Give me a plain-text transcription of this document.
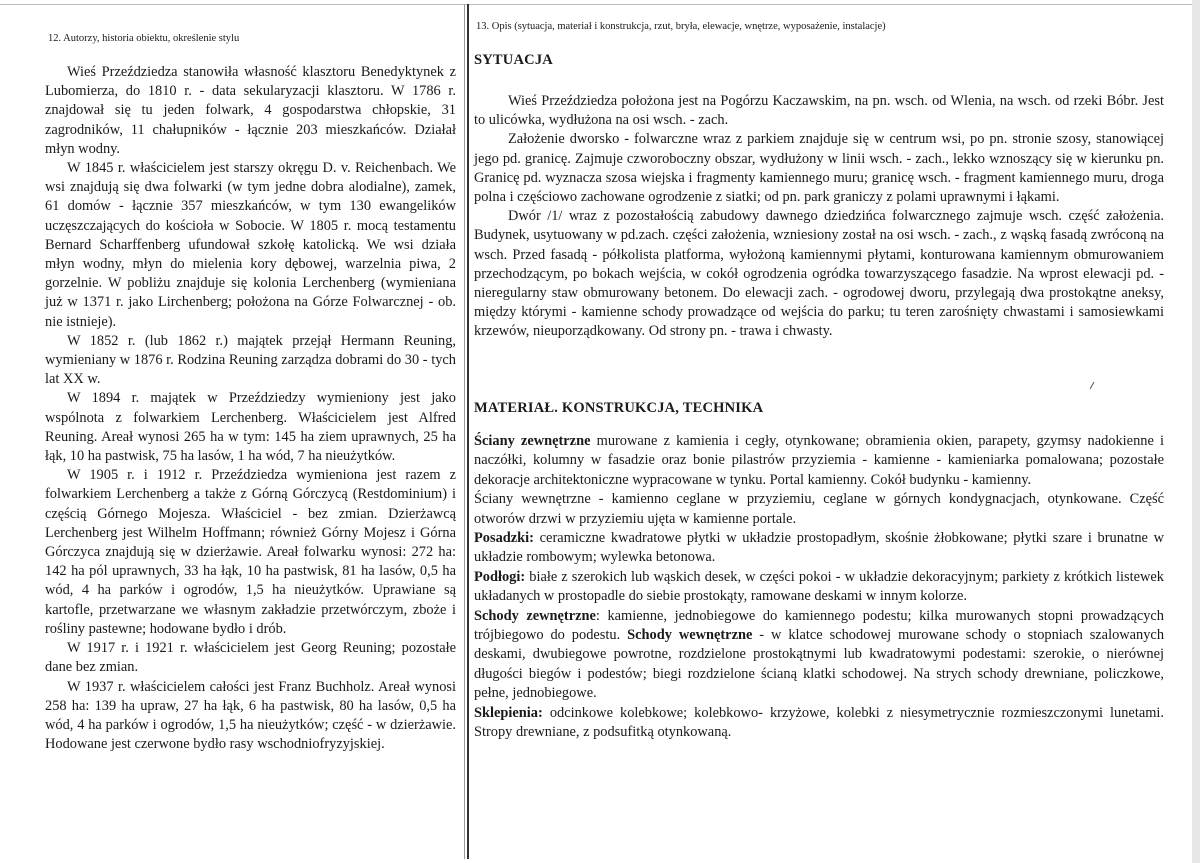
12. Autorzy, historia obiektu, określenie stylu

Wieś Przeździedza stanowiła własność klasztoru Benedyktynek z Lubomierza, do 1810 r. - data sekularyzacji klasztoru. W 1786 r. znajdował się tu jeden folwark, 4 gospodarstwa chłopskie, 31 zagrodników, 11 chałupników - łącznie 203 mieszkańców. Działał młyn wodny.

W 1845 r. właścicielem jest starszy okręgu D. v. Reichenbach. We wsi znajdują się dwa folwarki (w tym jedne dobra alodialne), zamek, 61 domów - łącznie 357 mieszkańców, w tym 130 ewangelików uczęszczających do kościoła w Sobocie. W 1805 r. mocą testamentu Bernard Scharffenberg ufundował szkołę katolicką. We wsi działa młyn wodny, młyn do mielenia kory dębowej, warzelnia piwa, 2 gorzelnie. W pobliżu znajduje się kolonia Lerchenberg (wymieniana już w 1371 r. jako Lirchenberg; położona na Górze Folwarcznej - ob. nie istnieje).

W 1852 r. (lub 1862 r.) majątek przejął Hermann Reuning, wymieniany w 1876 r. Rodzina Reuning zarządza dobrami do 30 - tych lat XX w.

W 1894 r. majątek w Przeździedzy wymieniony jest jako wspólnota z folwarkiem Lerchenberg. Właścicielem jest Alfred Reuning. Areał wynosi 265 ha w tym: 145 ha ziem uprawnych, 25 ha łąk, 10 ha pastwisk, 75 ha lasów, 1 ha wód, 7 ha nieużytków.

W 1905 r. i 1912 r. Przeździedza wymieniona jest razem z folwarkiem Lerchenberg a także z Górną Górczycą (Restdominium) i częścią Górnego Mojesza. Właściciel - bez zmian. Dzierżawcą Lerchenberg jest Wilhelm Hoffmann; również Górny Mojesz i Górna Górczyca znajdują się w dzierżawie. Areał folwarku wynosi: 272 ha: 142 ha pól uprawnych, 33 ha łąk, 10 ha pastwisk, 81 ha lasów, 0,5 ha wód, 4 ha parków i ogrodów, 1,5 ha nieużytków. Uprawiane są kartofle, przetwarzane we własnym zakładzie przetwórczym, zboże i rośliny pastewne; hodowane bydło i drób.

W 1917 r. i 1921 r. właścicielem jest Georg Reuning; pozostałe dane bez zmian.

W 1937 r. właścicielem całości jest Franz Buchholz. Areał wynosi 258 ha: 139 ha upraw, 27 ha łąk, 6 ha pastwisk, 80 ha lasów, 0,5 ha wód, 4 ha parków i ogrodów, 1,5 ha nieużytków; część - w dzierżawie. Hodowane jest czerwone bydło rasy wschodniofryzyjskiej.

13. Opis (sytuacja, materiał i konstrukcja, rzut, bryła, elewacje, wnętrze, wyposażenie, instalacje)
SYTUACJA

Wieś Przeździedza położona jest na Pogórzu Kaczawskim, na pn. wsch. od Wlenia, na wsch. od rzeki Bóbr. Jest to ulicówka, wydłużona na osi wsch. - zach.

Założenie dworsko - folwarczne wraz z parkiem znajduje się w centrum wsi, po pn. stronie szosy, stanowiącej jego pd. granicę. Zajmuje czworoboczny obszar, wydłużony w linii wsch. - zach., lekko wznoszący się w kierunku pn. Granicę pd. wyznacza szosa wiejska i fragmenty kamiennego muru; granicę wsch. - fragment kamiennego muru, droga polna i częściowo zachowane ogrodzenie z siatki; od pn. park graniczy z polami uprawnymi i łąkami.

Dwór /1/ wraz z pozostałością zabudowy dawnego dziedzińca folwarcznego zajmuje wsch. część założenia. Budynek, usytuowany w pd.zach. części założenia, wzniesiony został na osi wsch. - zach., z wąską fasadą zwróconą na wsch. Przed fasadą - półkolista platforma, wyłożoną kamiennymi płytami, konturowana kamiennym obmurowaniem przechodzącym, po bokach wejścia, w cokół ogrodzenia ogródka towarzyszącego fasadzie. Na wprost elewacji pd. - nieregularny staw obmurowany betonem. Do elewacji zach. - ogrodowej dworu, przylegają dwa prostokątne aneksy, między którymi - kamienne schody prowadzące od wejścia do parku; tu teren zarośnięty chwastami i samosiewkami krzewów, nieuporządkowany. Od strony pn. - trawa i chwasty.

MATERIAŁ. KONSTRUKCJA, TECHNIKA

Ściany zewnętrzne murowane z kamienia i cegły, otynkowane; obramienia okien, parapety, gzymsy nadokienne i naczółki, kolumny w fasadzie oraz bonie pilastrów przyziemia - kamienne - kamieniarka pomalowana; pozostałe dekoracje architektoniczne wypracowane w tynku. Portal kamienny. Cokół budynku - kamienny.

Ściany wewnętrzne - kamienno ceglane w przyziemiu, ceglane w górnych kondygnacjach, otynkowane. Część otworów drzwi w przyziemiu ujęta w kamienne portale.

Posadzki: ceramiczne kwadratowe płytki w układzie prostopadłym, skośnie żłobkowane; płytki szare i brunatne w układzie rombowym; wylewka betonowa.

Podłogi: białe z szerokich lub wąskich desek, w części pokoi - w układzie dekoracyjnym; parkiety z krótkich listewek układanych w prostopadle do siebie prostokąty, ramowane deskami w innym kolorze.

Schody zewnętrzne: kamienne, jednobiegowe do kamiennego podestu; kilka murowanych stopni prowadzących trójbiegowo do podestu. Schody wewnętrzne - w klatce schodowej murowane schody o stopniach szalowanych deskami, dwubiegowe powrotne, rozdzielone prostokątnymi lub kwadratowymi podestami: szerokie, o nierównej długości biegów i podestów; biegi rozdzielone ścianą klatki schodowej. Na strych schody drewniane, policzkowe, pełne, jednobiegowe.

Sklepienia: odcinkowe kolebkowe; kolebkowo- krzyżowe, kolebki z niesymetrycznie rozmieszczonymi lunetami. Stropy drewniane, z podsufitką otynkowaną.
